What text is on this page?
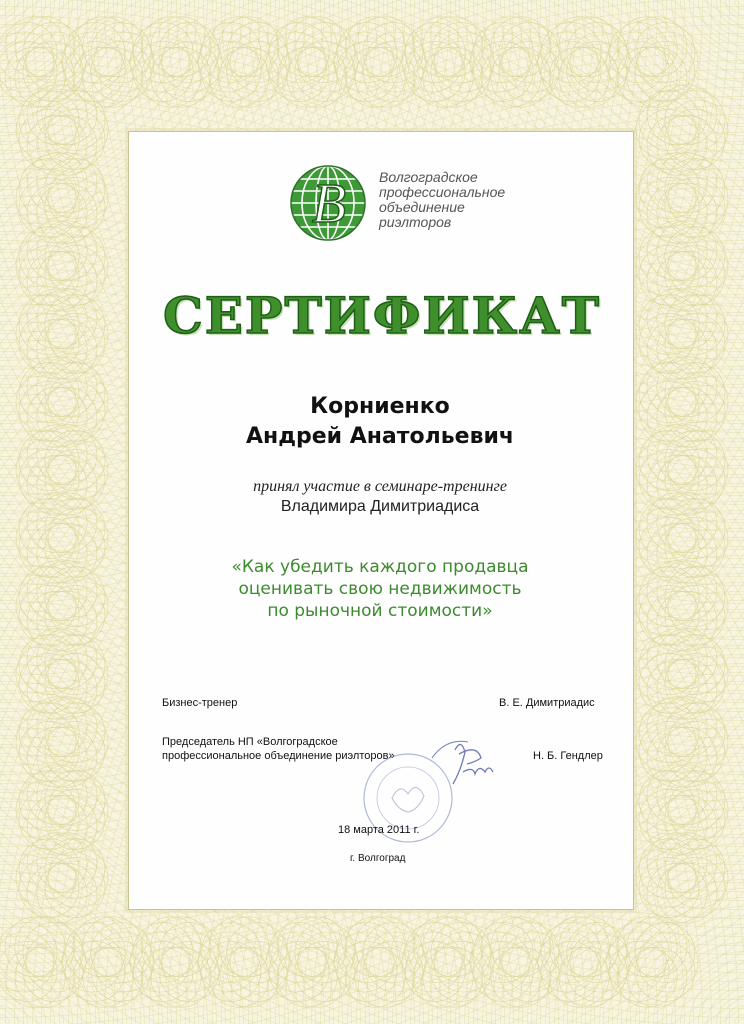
B Волгоградское
профессиональное
объединение
риэлторов
СЕРТИФИКАТ
Корниенко
Андрей Анатольевич
принял участие в семинаре-тренинге
Владимира Димитриадиса
«Как убедить каждого продавца
оценивать свою недвижимость
по рыночной стоимости»
Бизнес-тренер	В. Е. Димитриадис
Председатель НП «Волгоградское
профессиональное объединение риэлторов»	Н. Б. Гендлер
18 марта 2011 г.
г. Волгоград
